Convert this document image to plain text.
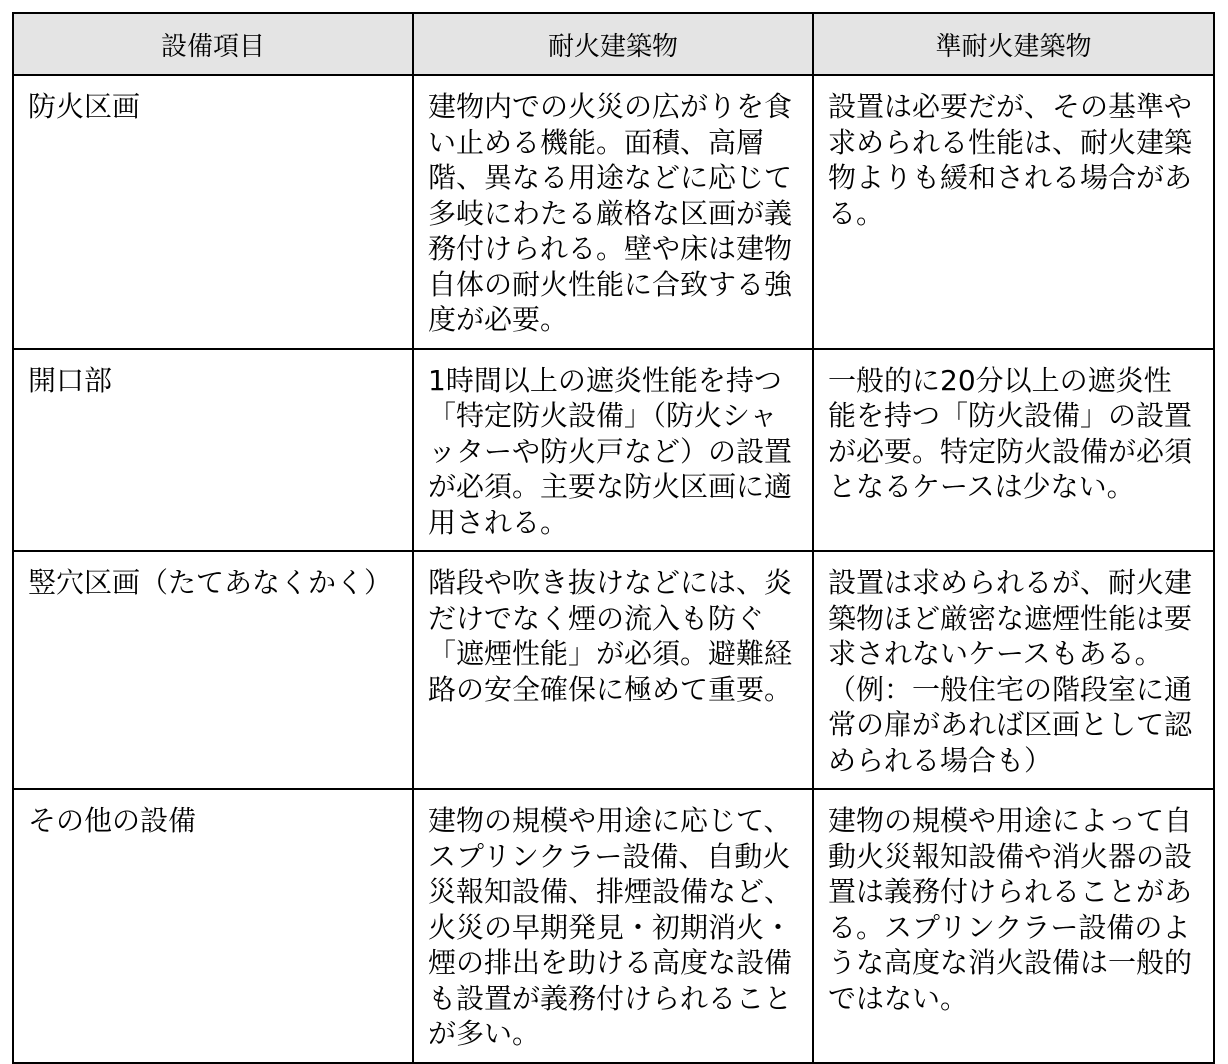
設備項目	耐火建築物	準耐火建築物
防火区画	建物内での火災の広がりを食い止める機能。面積、高層階、異なる用途などに応じて多岐にわたる厳格な区画が義務付けられる。壁や床は建物自体の耐火性能に合致する強度が必要。	設置は必要だが、その基準や求められる性能は、耐火建築物よりも緩和される場合がある。
開口部	1時間以上の遮炎性能を持つ「特定防火設備」（防火シャッターや防火戸など）の設置が必須。主要な防火区画に適用される。	一般的に20分以上の遮炎性能を持つ「防火設備」の設置が必要。特定防火設備が必須となるケースは少ない。
竪穴区画（たてあなくかく）	階段や吹き抜けなどには、炎だけでなく煙の流入も防ぐ「遮煙性能」が必須。避難経路の安全確保に極めて重要。	設置は求められるが、耐火建築物ほど厳密な遮煙性能は要求されないケースもある。（例：一般住宅の階段室に通常の扉があれば区画として認められる場合も）
その他の設備	建物の規模や用途に応じて、スプリンクラー設備、自動火災報知設備、排煙設備など、火災の早期発見・初期消火・煙の排出を助ける高度な設備も設置が義務付けられることが多い。	建物の規模や用途によって自動火災報知設備や消火器の設置は義務付けられることがある。スプリンクラー設備のような高度な消火設備は一般的ではない。
